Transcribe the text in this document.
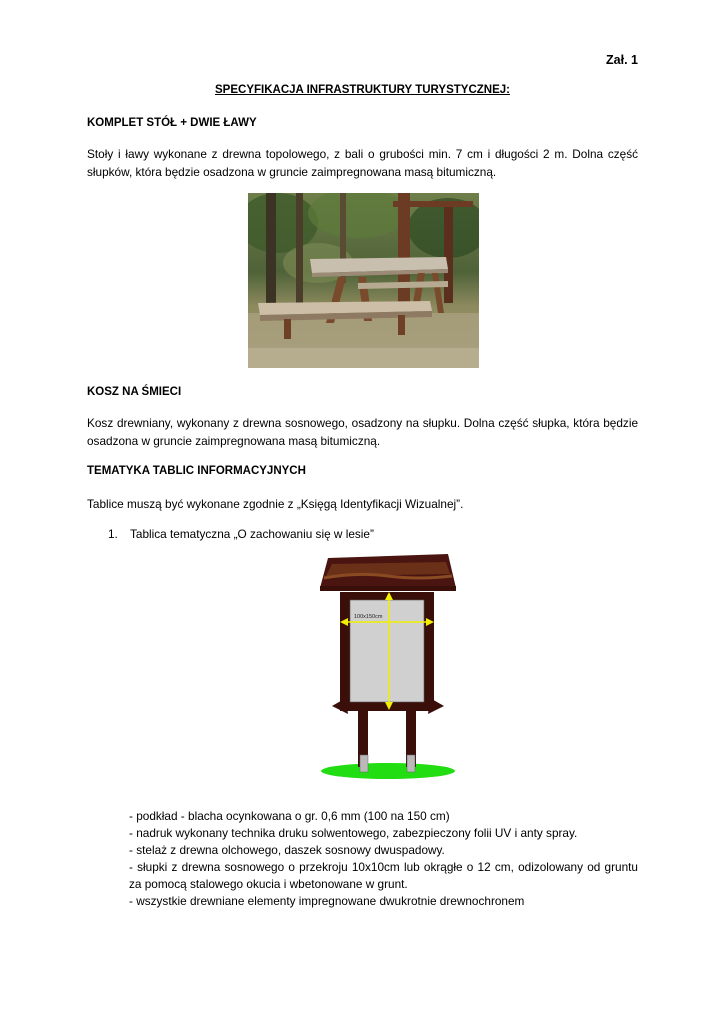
Zał. 1
SPECYFIKACJA INFRASTRUKTURY TURYSTYCZNEJ:
KOMPLET STÓŁ + DWIE ŁAWY
Stoły i ławy wykonane z drewna topolowego, z bali o grubości min. 7 cm i długości 2 m. Dolna część słupków, która będzie osadzona w gruncie zaimpregnowana masą bitumiczną.
KOSZ NA ŚMIECI
Kosz drewniany, wykonany z drewna sosnowego, osadzony na słupku. Dolna część słupka, która będzie osadzona w gruncie zaimpregnowana masą bitumiczną.
TEMATYKA TABLIC INFORMACYJNYCH
Tablice muszą być wykonane zgodnie z „Księgą Identyfikacji Wizualnej”.
1. Tablica tematyczna „O zachowaniu się w lesie”
100x150cm
- podkład - blacha ocynkowana o gr. 0,6 mm (100 na 150 cm)
- nadruk wykonany technika druku solwentowego, zabezpieczony folii UV i anty spray.
- stelaż z drewna olchowego, daszek sosnowy dwuspadowy.
- słupki z drewna sosnowego o przekroju 10x10cm lub okrągłe o 12 cm, odizolowany od gruntu za pomocą stalowego okucia i wbetonowane w grunt.
- wszystkie drewniane elementy impregnowane dwukrotnie drewnochronem
